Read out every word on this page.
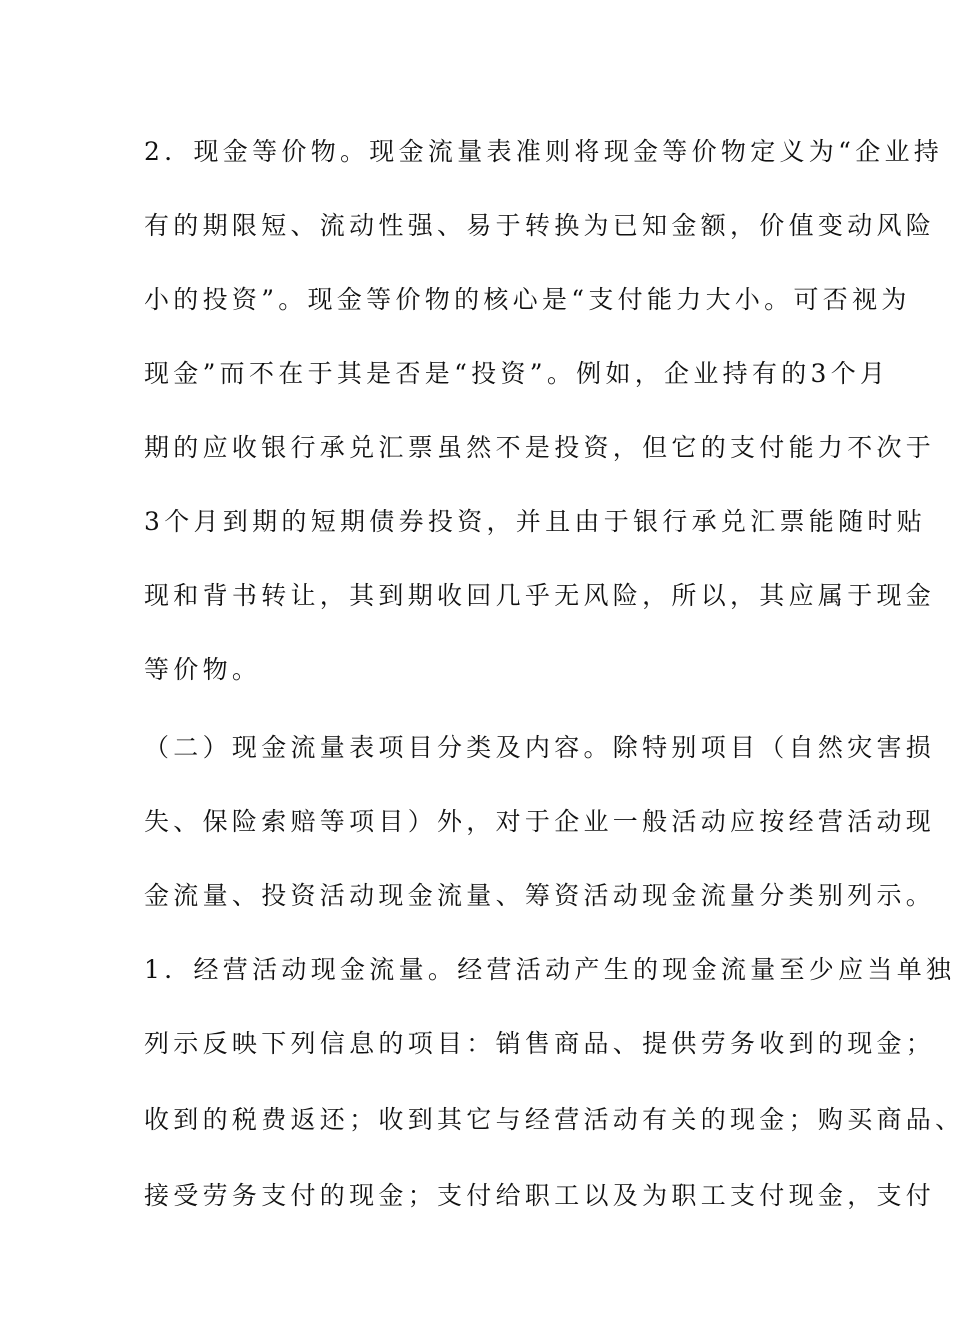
2．现金等价物。现金流量表准则将现金等价物定义为“企业持
有的期限短、流动性强、易于转换为已知金额，价值变动风险
小的投资”。现金等价物的核心是“支付能力大小。可否视为
现金”而不在于其是否是“投资”。例如，企业持有的3个月
期的应收银行承兑汇票虽然不是投资，但它的支付能力不次于
3个月到期的短期债券投资，并且由于银行承兑汇票能随时贴
现和背书转让，其到期收回几乎无风险，所以，其应属于现金
等价物。
（二）现金流量表项目分类及内容。除特别项目（自然灾害损
失、保险索赔等项目）外，对于企业一般活动应按经营活动现
金流量、投资活动现金流量、筹资活动现金流量分类别列示。
1．经营活动现金流量。经营活动产生的现金流量至少应当单独
列示反映下列信息的项目：销售商品、提供劳务收到的现金；
收到的税费返还；收到其它与经营活动有关的现金；购买商品、
接受劳务支付的现金；支付给职工以及为职工支付现金，支付
